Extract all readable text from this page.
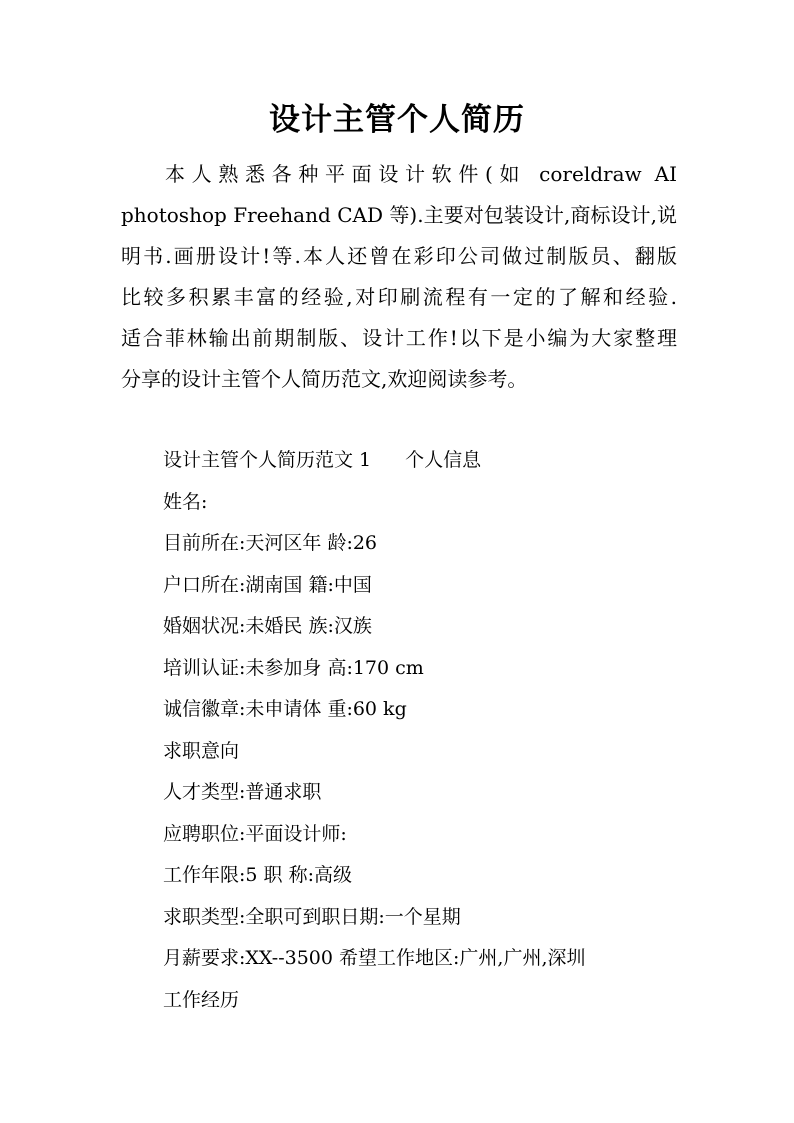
设计主管个人简历
本人熟悉各种平面设计软件(如 coreldraw AI
photoshop Freehand CAD 等).主要对包装设计,商标设计,说
明书.画册设计!等.本人还曾在彩印公司做过制版员、翻版
比较多积累丰富的经验,对印刷流程有一定的了解和经验.
适合菲林输出前期制版、设计工作!以下是小编为大家整理
分享的设计主管个人简历范文,欢迎阅读参考。
设计主管个人简历范文 1 个人信息
姓名:
目前所在:天河区年 龄:26
户口所在:湖南国 籍:中国
婚姻状况:未婚民 族:汉族
培训认证:未参加身 高:170 cm
诚信徽章:未申请体 重:60 kg
求职意向
人才类型:普通求职
应聘职位:平面设计师:
工作年限:5 职 称:高级
求职类型:全职可到职日期:一个星期
月薪要求:XX--3500 希望工作地区:广州,广州,深圳
工作经历
